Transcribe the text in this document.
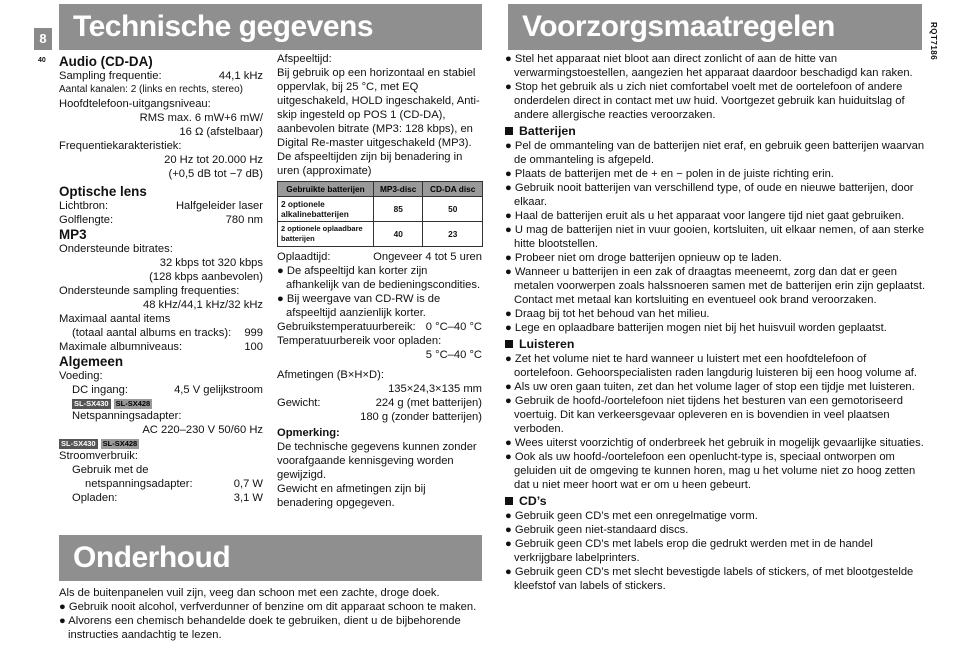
8
40
RQT7186
Technische gegevens	Voorzorgsmaatregelen
Onderhoud
Audio (CD-DA)
Sampling frequentie:	44,1 kHz
Aantal kanalen: 2 (links en rechts, stereo)
Hoofdtelefoon-uitgangsniveau:
RMS max. 6 mW+6 mW/
16 Ω (afstelbaar)
Frequentiekarakteristiek:
20 Hz tot 20.000 Hz
(+0,5 dB tot −7 dB)
Optische lens
Lichtbron:	Halfgeleider laser
Golflengte:	780 nm
MP3
Ondersteunde bitrates:
32 kbps tot 320 kbps
(128 kbps aanbevolen)
Ondersteunde sampling frequenties:
48 kHz/44,1 kHz/32 kHz
Maximaal aantal items
(totaal aantal albums en tracks): 999
Maximale albumniveaus:	100
Algemeen
Voeding:
DC ingang:	4,5 V gelijkstroom
SL-SX430 SL-SX428
Netspanningsadapter:
AC 220–230 V 50/60 Hz
SL-SX430 SL-SX428
Stroomverbruik:
Gebruik met de
netspanningsadapter:	0,7 W
Opladen:	3,1 W
Afspeeltijd:
Bij gebruik op een horizontaal en stabiel oppervlak, bij 25 °C, met EQ uitgeschakeld, HOLD ingeschakeld, Anti-skip ingesteld op POS 1 (CD-DA), aanbevolen bitrate (MP3: 128 kbps), en Digital Re-master uitgeschakeld (MP3). De afspeeltijden zijn bij benadering in uren (approximate)
Gebruikte batterijen	MP3-disc	CD-DA disc
2 optionele alkalinebatterijen	85	50
2 optionele oplaadbare batterijen	40	23
Oplaadtijd:	Ongeveer 4 tot 5 uren
● De afspeeltijd kan korter zijn afhankelijk van de bedieningscondities.
● Bij weergave van CD-RW is de afspeeltijd aanzienlijk korter.
Gebruikstemperatuurbereik: 0 °C–40 °C
Temperatuurbereik voor opladen:
5 °C–40 °C
Afmetingen (B×H×D):
135×24,3×135 mm
Gewicht:	224 g (met batterijen)
180 g (zonder batterijen)
Opmerking:
De technische gegevens kunnen zonder voorafgaande kennisgeving worden gewijzigd.
Gewicht en afmetingen zijn bij benadering opgegeven.
Als de buitenpanelen vuil zijn, veeg dan schoon met een zachte, droge doek.
● Gebruik nooit alcohol, verfverdunner of benzine om dit apparaat schoon te maken.
● Alvorens een chemisch behandelde doek te gebruiken, dient u de bijbehorende instructies aandachtig te lezen.
● Stel het apparaat niet bloot aan direct zonlicht of aan de hitte van verwarmingstoestellen, aangezien het apparaat daardoor beschadigd kan raken.
● Stop het gebruik als u zich niet comfortabel voelt met de oortelefoon of andere onderdelen direct in contact met uw huid. Voortgezet gebruik kan huiduitslag of andere allergische reacties veroorzaken.
Batterijen
● Pel de ommanteling van de batterijen niet eraf, en gebruik geen batterijen waarvan de ommanteling is afgepeld.
● Plaats de batterijen met de + en − polen in de juiste richting erin.
● Gebruik nooit batterijen van verschillend type, of oude en nieuwe batterijen, door elkaar.
● Haal de batterijen eruit als u het apparaat voor langere tijd niet gaat gebruiken.
● U mag de batterijen niet in vuur gooien, kortsluiten, uit elkaar nemen, of aan sterke hitte blootstellen.
● Probeer niet om droge batterijen opnieuw op te laden.
● Wanneer u batterijen in een zak of draagtas meeneemt, zorg dan dat er geen metalen voorwerpen zoals halssnoeren samen met de batterijen erin zijn geplaatst. Contact met metaal kan kortsluiting en eventueel ook brand veroorzaken.
● Draag bij tot het behoud van het milieu.
● Lege en oplaadbare batterijen mogen niet bij het huisvuil worden geplaatst.
Luisteren
● Zet het volume niet te hard wanneer u luistert met een hoofdtelefoon of oortelefoon. Gehoorspecialisten raden langdurig luisteren bij een hoog volume af.
● Als uw oren gaan tuiten, zet dan het volume lager of stop een tijdje met luisteren.
● Gebruik de hoofd-/oortelefoon niet tijdens het besturen van een gemotoriseerd voertuig. Dit kan verkeersgevaar opleveren en is bovendien in veel plaatsen verboden.
● Wees uiterst voorzichtig of onderbreek het gebruik in mogelijk gevaarlijke situaties.
● Ook als uw hoofd-/oortelefoon een openlucht-type is, speciaal ontworpen om geluiden uit de omgeving te kunnen horen, mag u het volume niet zo hoog zetten dat u niet meer hoort wat er om u heen gebeurt.
CD’s
● Gebruik geen CD’s met een onregelmatige vorm.
● Gebruik geen niet-standaard discs.
● Gebruik geen CD’s met labels erop die gedrukt werden met in de handel verkrijgbare labelprinters.
● Gebruik geen CD’s met slecht bevestigde labels of stickers, of met blootgestelde kleefstof van labels of stickers.
